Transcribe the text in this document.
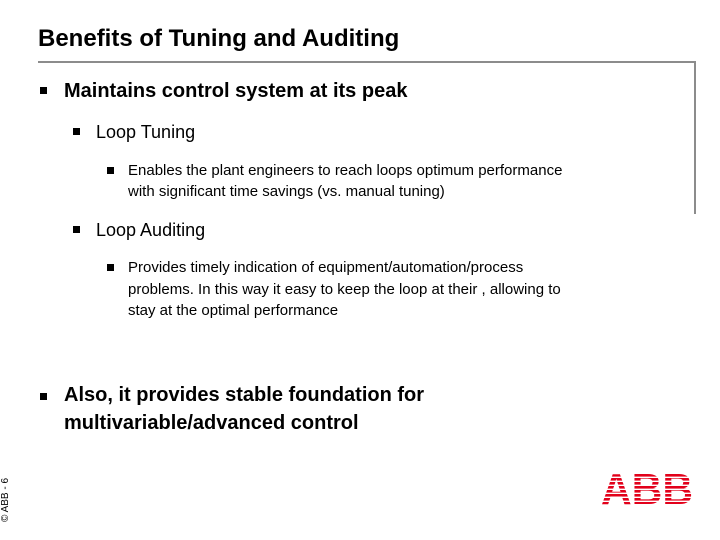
Benefits of Tuning and Auditing
Maintains control system at its peak
Loop Tuning
Enables the plant engineers to reach loops optimum performance
with significant time savings (vs. manual tuning)
Loop Auditing
Provides timely indication of equipment/automation/process
problems. In this way it easy to keep the loop at their , allowing to
stay at the optimal performance
Also, it provides stable foundation for
multivariable/advanced control
© ABB - 6	ABB
